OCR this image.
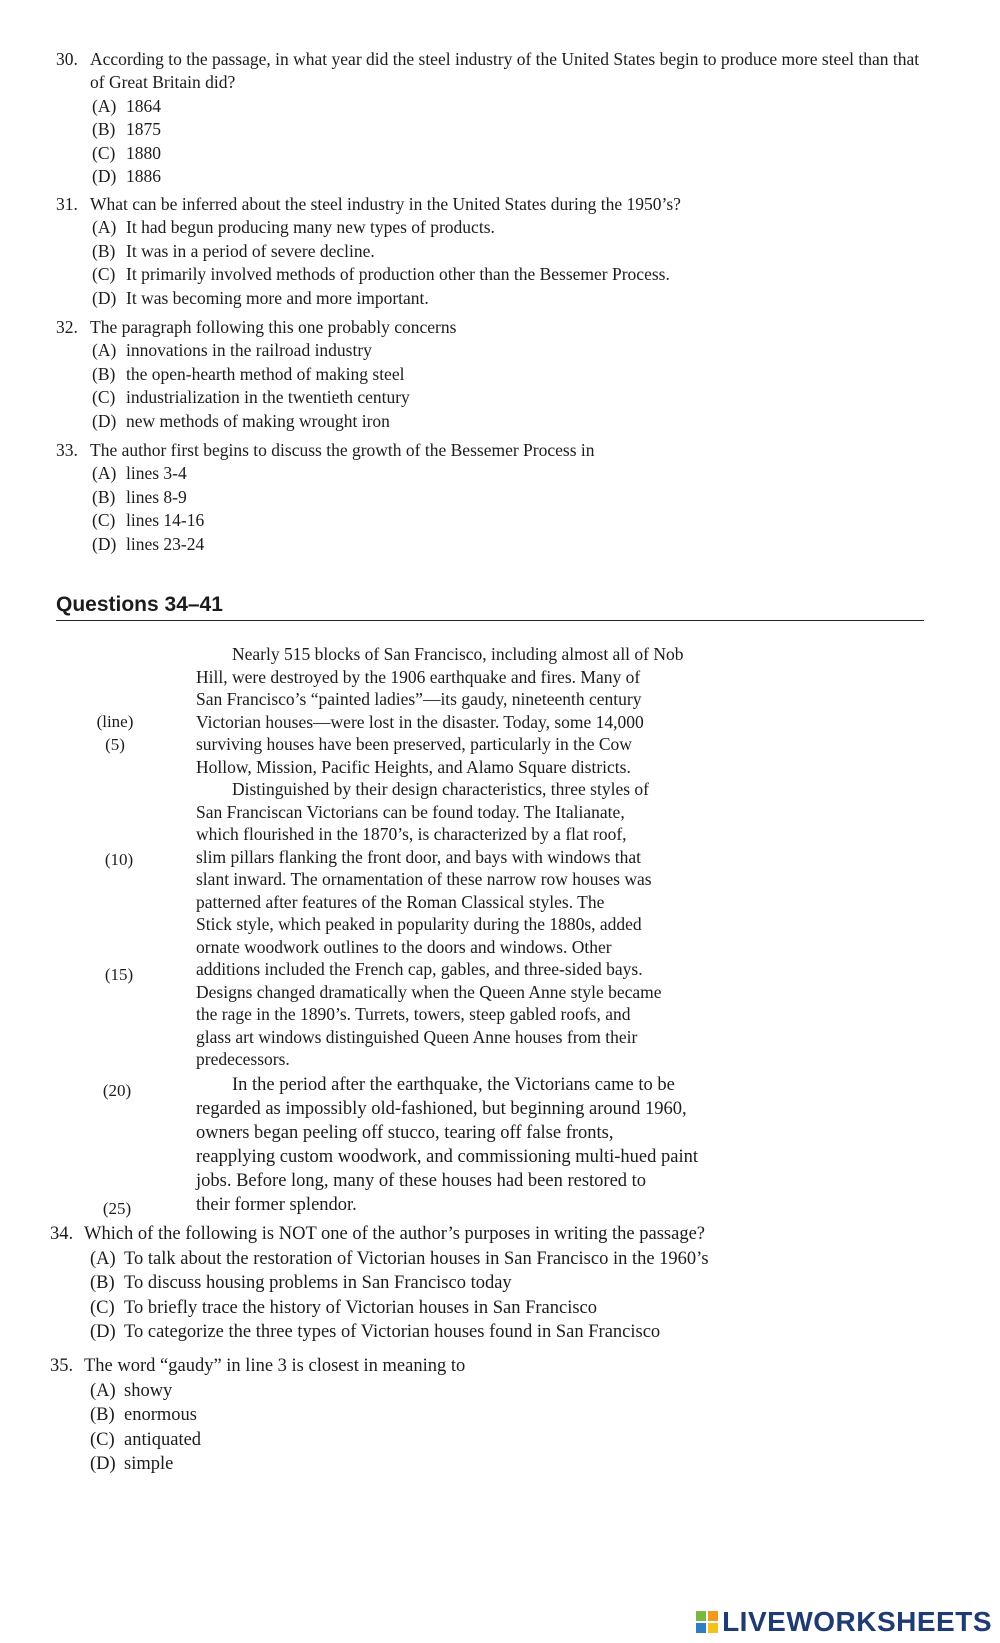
30. According to the passage, in what year did the steel industry of the United States begin to produce more steel than that of Great Britain did?
(A) 1864
(B) 1875
(C) 1880
(D) 1886
31. What can be inferred about the steel industry in the United States during the 1950’s?
(A) It had begun producing many new types of products.
(B) It was in a period of severe decline.
(C) It primarily involved methods of production other than the Bessemer Process.
(D) It was becoming more and more important.
32. The paragraph following this one probably concerns
(A) innovations in the railroad industry
(B) the open-hearth method of making steel
(C) industrialization in the twentieth century
(D) new methods of making wrought iron
33. The author first begins to discuss the growth of the Bessemer Process in
(A) lines 3-4
(B) lines 8-9
(C) lines 14-16
(D) lines 23-24
Questions 34–41
(line)
(5)
(10)
(15)
(20)
(25)
Nearly 515 blocks of San Francisco, including almost all of Nob
Hill, were destroyed by the 1906 earthquake and fires. Many of
San Francisco’s “painted ladies”—its gaudy, nineteenth century
Victorian houses—were lost in the disaster. Today, some 14,000
surviving houses have been preserved, particularly in the Cow
Hollow, Mission, Pacific Heights, and Alamo Square districts.
Distinguished by their design characteristics, three styles of
San Franciscan Victorians can be found today. The Italianate,
which flourished in the 1870’s, is characterized by a flat roof,
slim pillars flanking the front door, and bays with windows that
slant inward. The ornamentation of these narrow row houses was
patterned after features of the Roman Classical styles. The
Stick style, which peaked in popularity during the 1880s, added
ornate woodwork outlines to the doors and windows. Other
additions included the French cap, gables, and three-sided bays.
Designs changed dramatically when the Queen Anne style became
the rage in the 1890’s. Turrets, towers, steep gabled roofs, and
glass art windows distinguished Queen Anne houses from their
predecessors.
In the period after the earthquake, the Victorians came to be
regarded as impossibly old-fashioned, but beginning around 1960,
owners began peeling off stucco, tearing off false fronts,
reapplying custom woodwork, and commissioning multi-hued paint
jobs. Before long, many of these houses had been restored to
their former splendor.
34. Which of the following is NOT one of the author’s purposes in writing the passage?
(A) To talk about the restoration of Victorian houses in San Francisco in the 1960’s
(B) To discuss housing problems in San Francisco today
(C) To briefly trace the history of Victorian houses in San Francisco
(D) To categorize the three types of Victorian houses found in San Francisco
35. The word “gaudy” in line 3 is closest in meaning to
(A) showy
(B) enormous
(C) antiquated
(D) simple
LIVEWORKSHEETS
